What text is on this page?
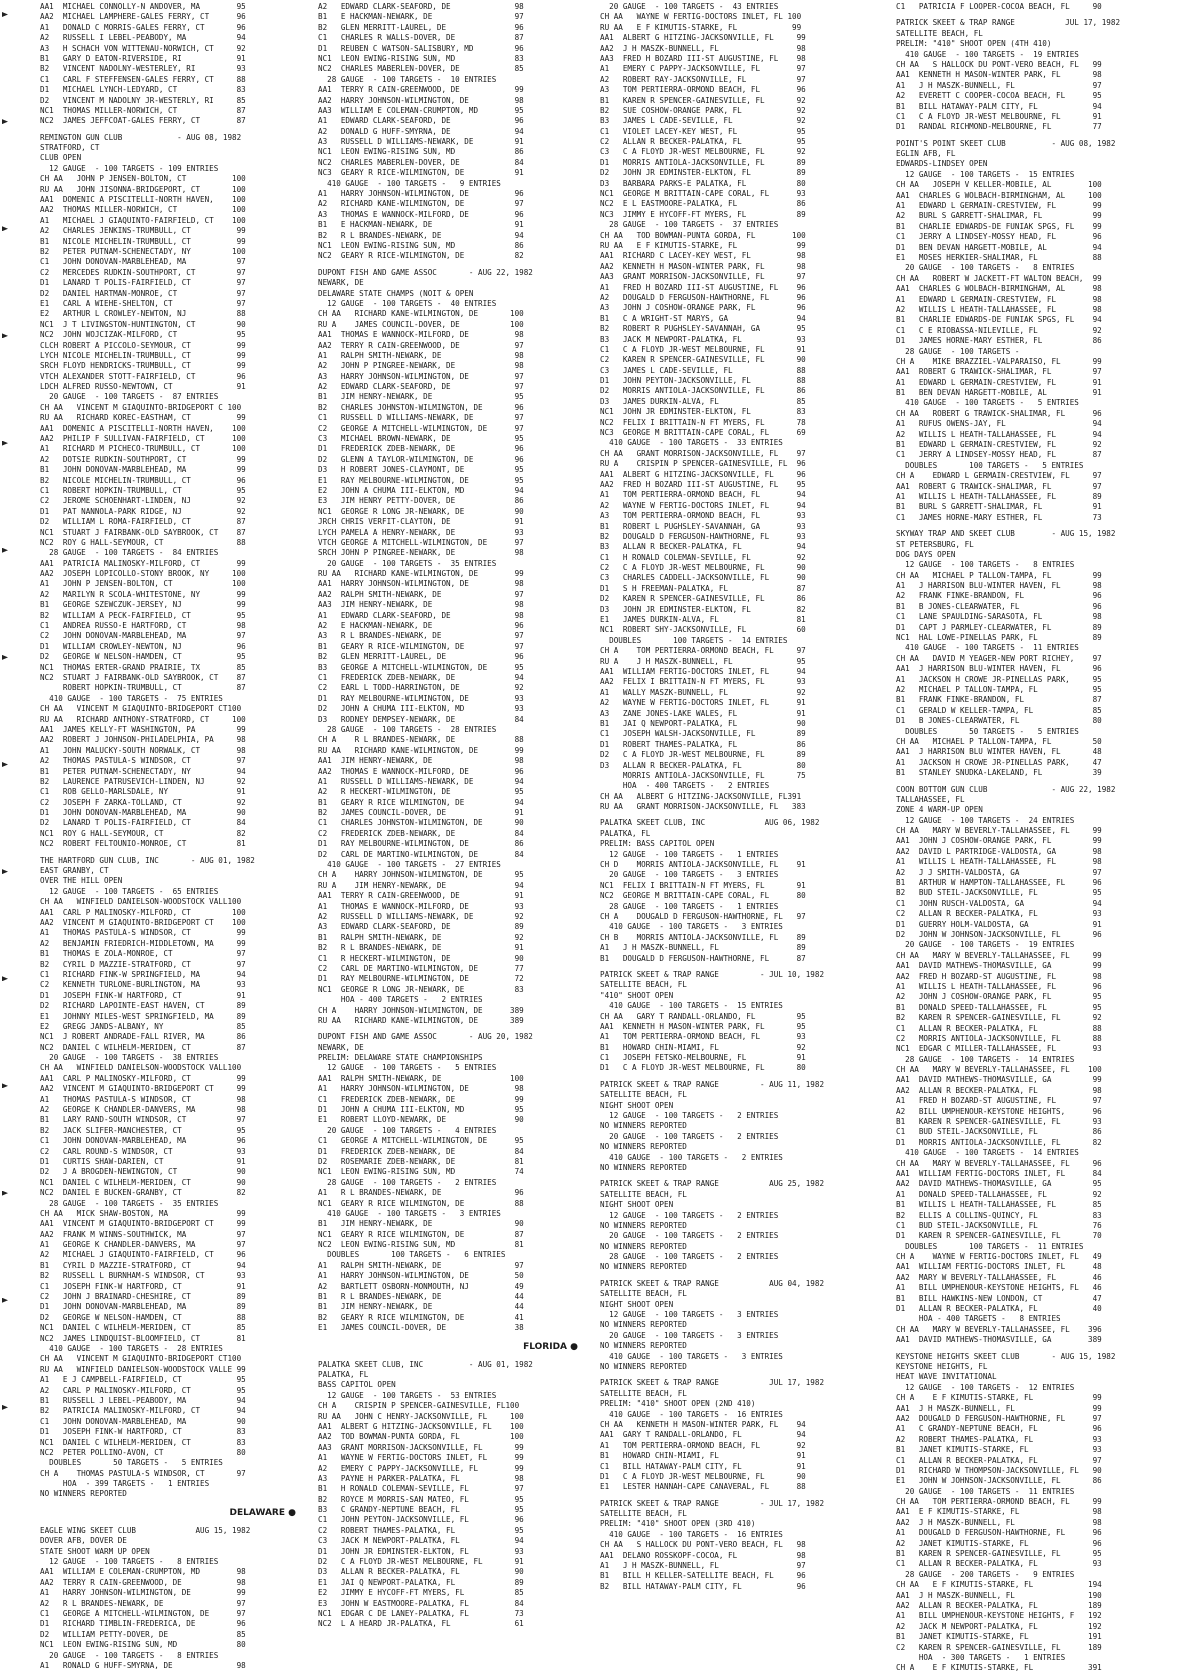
AA1  MICHAEL CONNOLLY-N ANDOVER, MA        95
AA2  MICHAEL LAMPHERE-GALES FERRY, CT      96
A1   DONALD C MORRIS-GALES FERRY, CT       96
A2   RUSSELL I LEBEL-PEABODY, MA           94
A3   H SCHACH VON WITTENAU-NORWICH, CT     92
B1   GARY D EATON-RIVERSIDE, RI            91
B2   VINCENT NADOLNY-WESTERLEY, RI         93
C1   CARL F STEFFENSEN-GALES FERRY, CT     88
D1   MICHAEL LYNCH-LEDYARD, CT             83
D2   VINCENT M NADOLNY JR-WESTERLY, RI     85
NC1  THOMAS MILLER-NORWICH, CT             87
NC2  JAMES JEFFCOAT-GALES FERRY, CT        87
REMINGTON GUN CLUB            - AUG 08, 1982
STRATFORD, CT
CLUB OPEN
12 GAUGE  - 100 TARGETS - 109 ENTRIES
CH AA   JOHN P JENSEN-BOLTON, CT          100
RU AA   JOHN JISONNA-BRIDGEPORT, CT       100
AA1  DOMENIC A PISCITELLI-NORTH HAVEN,    100
AA2  THOMAS MILLER-NORWICH, CT            100
A1   MICHAEL J GIAQUINTO-FAIRFIELD, CT    100
A2   CHARLES JENKINS-TRUMBULL, CT          99
B1   NICOLE MICHELIN-TRUMBULL, CT          99
B2   PETER PUTNAM-SCHENECTADY, NY         100
C1   JOHN DONOVAN-MARBLEHEAD, MA           97
C2   MERCEDES RUDKIN-SOUTHPORT, CT         97
D1   LANARD T POLIS-FAIRFIELD, CT          97
D2   DANIEL HARTMAN-MONROE, CT             97
E1   CARL A WIEHE-SHELTON, CT              97
E2   ARTHUR L CROWLEY-NEWTON, NJ           88
NC1  J T LIVINGSTON-HUNTINGTON, CT         90
NC2  JOHN WOJCIZAK-MILFORD, CT             95
CLCH ROBERT A PICCOLO-SEYMOUR, CT          99
LYCH NICOLE MICHELIN-TRUMBULL, CT          99
SRCH FLOYD HENDRICKS-TRUMBULL, CT          99
VTCH ALEXANDER STOTT-FAIRFIELD, CT         96
LDCH ALFRED RUSSO-NEWTOWN, CT              91
20 GAUGE  - 100 TARGETS -  87 ENTRIES
CH AA   VINCENT M GIAQUINTO-BRIDGEPORT C 100
RU AA   RICHARD KOREC-EASTHAM, CT          99
AA1  DOMENIC A PISCITELLI-NORTH HAVEN,    100
AA2  PHILIP F SULLIVAN-FAIRFIELD, CT      100
A1   RICHARD M PICHECO-TRUMBULL, CT       100
A2   DOTSIE RUDKIN-SOUTHPORT, CT           99
B1   JOHN DONOVAN-MARBLEHEAD, MA           99
B2   NICOLE MICHELIN-TRUMBULL, CT          96
C1   ROBERT HOPKIN-TRUMBULL, CT            95
C2   JEROME SCHOENHART-LINDEN, NJ          92
D1   PAT NANNOLA-PARK RIDGE, NJ            92
D2   WILLIAM L ROMA-FAIRFIELD, CT          87
NC1  STUART J FAIRBANK-OLD SAYBROOK, CT    87
NC2  ROY G HALL-SEYMOUR, CT                88
28 GAUGE  - 100 TARGETS -  84 ENTRIES
AA1  PATRICIA MALINOSKY-MILFORD, CT        99
AA2  JOSEPH LOPICOLLO-STONY BROOK, NY     100
A1   JOHN P JENSEN-BOLTON, CT             100
A2   MARILYN R SCOLA-WHITESTONE, NY        99
B1   GEORGE SZEWCZUK-JERSEY, NJ            99
B2   WILLIAM A PECK-FAIRFIELD, CT          95
C1   ANDREA RUSSO-E HARTFORD, CT           98
C2   JOHN DONOVAN-MARBLEHEAD, MA           97
D1   WILLIAM CROWLEY-NEWTON, NJ            96
D2   GEORGE W NELSON-HAMDEN, CT            95
NC1  THOMAS ERTER-GRAND PRAIRIE, TX        85
NC2  STUART J FAIRBANK-OLD SAYBROOK, CT    87
ROBERT HOPKIN-TRUMBULL, CT            87
410 GAUGE  - 100 TARGETS -  75 ENTRIES
CH AA   VINCENT M GIAQUINTO-BRIDGEPORT CT100
RU AA   RICHARD ANTHONY-STRATFORD, CT     100
AA1  JAMES KELLY-FT WASHINGTON, PA         99
AA2  ROBERT J JOHNSON-PHILADELPHIA, PA     98
A1   JOHN MALUCKY-SOUTH NORWALK, CT        98
A2   THOMAS PASTULA-S WINDSOR, CT          97
B1   PETER PUTNAM-SCHENECTADY, NY          94
B2   LAURENCE PATRUSEVICH-LINDEN, NJ       92
C1   ROB GELLO-MARLSDALE, NY               91
C2   JOSEPH F ZARKA-TOLLAND, CT            92
D1   JOHN DONOVAN-MARBLEHEAD, MA           90
D2   LANARD T POLIS-FAIRFIELD, CT          84
NC1  ROY G HALL-SEYMOUR, CT                82
NC2  ROBERT FELTOUNIO-MONROE, CT           81
THE HARTFORD GUN CLUB, INC       - AUG 01, 1982
EAST GRANBY, CT
OVER THE HILL OPEN
12 GAUGE  - 100 TARGETS -  65 ENTRIES
CH AA   WINFIELD DANIELSON-WOODSTOCK VALL100
AA1  CARL P MALINOSKY-MILFORD, CT         100
AA2  VINCENT M GIAQUINTO-BRIDGEPORT CT    100
A1   THOMAS PASTULA-S WINDSOR, CT          99
A2   BENJAMIN FRIEDRICH-MIDDLETOWN, MA     99
B1   THOMAS E ZOLA-MONROE, CT              97
B2   CYRIL D MAZZIE-STRATFORD, CT          97
C1   RICHARD FINK-W SPRINGFIELD, MA        94
C2   KENNETH TURLONE-BURLINGTON, MA        93
D1   JOSEPH FINK-W HARTFORD, CT            91
D2   RICHARD LAPOINTE-EAST HAVEN, CT       89
E1   JOHNNY MILES-WEST SPRINGFIELD, MA     89
E2   GREGG JANDS-ALBANY, NY                85
NC1  J ROBERT ANDRADE-FALL RIVER, MA       86
NC2  DANIEL C WILHELM-MERIDEN, CT          87
20 GAUGE  - 100 TARGETS -  38 ENTRIES
CH AA   WINFIELD DANIELSON-WOODSTOCK VALL100
AA1  CARL P MALINOSKY-MILFORD, CT          99
AA2  VINCENT M GIAQUINTO-BRIDGEPORT CT     99
A1   THOMAS PASTULA-S WINDSOR, CT          98
A2   GEORGE K CHANDLER-DANVERS, MA         98
B1   LARY RAND-SOUTH WINDSOR, CT           97
B2   JACK SLIFER-MANCHESTER, CT            95
C1   JOHN DONOVAN-MARBLEHEAD, MA           96
C2   CARL ROUND-S WINDSOR, CT              93
D1   CURTIS SHAW-DARIEN, CT                91
D2   J A BROGDEN-NEWINGTON, CT             90
NC1  DANIEL C WILHELM-MERIDEN, CT          90
NC2  DANIEL E BUCKEN-GRANBY, CT            82
28 GAUGE  - 100 TARGETS -  35 ENTRIES
CH AA   MICK SHAW-BOSTON, MA               99
AA1  VINCENT M GIAQUINTO-BRIDGEPORT CT     99
AA2  FRANK M WINNS-SOUTHWICK, MA           97
A1   GEORGE K CHANDLER-DANVERS, MA         97
A2   MICHAEL J GIAQUINTO-FAIRFIELD, CT     96
B1   CYRIL D MAZZIE-STRATFORD, CT          94
B2   RUSSELL L BURNHAM-S WINDSOR, CT       93
C1   JOSEPH FINK-W HARTFORD, CT            91
C2   JOHN J BRAINARD-CHESHIRE, CT          89
D1   JOHN DONOVAN-MARBLEHEAD, MA           89
D2   GEORGE W NELSON-HAMDEN, CT            88
NC1  DANIEL C WILHELM-MERIDEN, CT          85
NC2  JAMES LINDQUIST-BLOOMFIELD, CT        81
410 GAUGE  - 100 TARGETS -  28 ENTRIES
CH AA   VINCENT M GIAQUINTO-BRIDGEPORT CT100
RU AA   WINFIELD DANIELSON-WOODSTOCK VALLE 99
A1   E J CAMPBELL-FAIRFIELD, CT            95
A2   CARL P MALINOSKY-MILFORD, CT          95
B1   RUSSELL J LEBEL-PEABODY, MA           94
B2   PATRICIA MALINOSKY-MILFORD, CT        94
C1   JOHN DONOVAN-MARBLEHEAD, MA           90
D1   JOSEPH FINK-W HARTFORD, CT            83
NC1  DANIEL C WILHELM-MERIDEN, CT          83
NC2  PETER POLLINO-AVON, CT                80
DOUBLES       50 TARGETS -   5 ENTRIES
CH A    THOMAS PASTULA-S WINDSOR, CT       97
HOA  - 399 TARGETS -   1 ENTRIES
NO WINNERS REPORTED
DELAWARE ●
EAGLE WING SKEET CLUB             AUG 15, 1982
DOVER AFB, DOVER DE
STATE SHOOT WARM UP OPEN
12 GAUGE  - 100 TARGETS -   8 ENTRIES
AA1  WILLIAM E COLEMAN-CRUMPTON, MD        98
AA2  TERRY R CAIN-GREENWOOD, DE            98
A1   HARRY JOHNSON-WILMINGTON, DE          99
A2   R L BRANDES-NEWARK, DE                97
C1   GEORGE A MITCHELL-WILMINGTON, DE      97
D1   RICHARD TIMBLIN-FREDERICA, DE         96
D2   WILLIAM PETTY-DOVER, DE               85
NC1  LEON EWING-RISING SUN, MD             80
20 GAUGE  - 100 TARGETS -   8 ENTRIES
A1   RONALD G HUFF-SMYRNA, DE              98
A2   EDWARD CLARK-SEAFORD, DE              98
B1   E HACKMAN-NEWARK, DE                  97
B2   GLEN MERRITT-LAUREL, DE               96
C1   CHARLES R WALLS-DOVER, DE             87
D1   REUBEN C WATSON-SALISBURY, MD         96
NC1  LEON EWING-RISING SUN, MD             83
NC2  CHARLES MABERLEN-DOVER, DE            85
28 GAUGE  - 100 TARGETS -  10 ENTRIES
AA1  TERRY R CAIN-GREENWOOD, DE            99
AA2  HARRY JOHNSON-WILMINGTON, DE          98
AA3  WILLIAM E COLEMAN-CRUMPTON, MD        95
A1   EDWARD CLARK-SEAFORD, DE              96
A2   DONALD G HUFF-SMYRNA, DE              94
A3   RUSSELL D WILLIAMS-NEWARK, DE         91
NC1  LEON EWING-RISING SUN, MD             86
NC2  CHARLES MABERLEN-DOVER, DE            84
NC3  GEARY R RICE-WILMINGTON, DE           91
410 GAUGE  - 100 TARGETS -   9 ENTRIES
A1   HARRY JOHNSON-WILMINGTON, DE          96
A2   RICHARD KANE-WILMINGTON, DE           97
A3   THOMAS E WANNOCK-MILFORD, DE          96
B1   E HACKMAN-NEWARK, DE                  91
B2   R L BRANDES-NEWARK, DE                94
NC1  LEON EWING-RISING SUN, MD             86
NC2  GEARY R RICE-WILMINGTON, DE           82
DUPONT FISH AND GAME ASSOC       - AUG 22, 1982
NEWARK, DE
DELAWARE STATE CHAMPS (NOIT & OPEN
12 GAUGE  - 100 TARGETS -  40 ENTRIES
CH AA   RICHARD KANE-WILMINGTON, DE       100
RU A    JAMES COUNCIL-DOVER, DE           100
AA1  THOMAS E WANNOCK-MILFORD, DE          98
AA2  TERRY R CAIN-GREENWOOD, DE            97
A1   RALPH SMITH-NEWARK, DE                98
A2   JOHN P PINGREE-NEWARK, DE             98
A3   HARRY JOHNSON-WILMINGTON, DE          97
A2   EDWARD CLARK-SEAFORD, DE              97
B1   JIM HENRY-NEWARK, DE                  95
B2   CHARLES JOHNSTON-WILMINGTON, DE       96
C1   RUSSELL D WILLIAMS-NEWARK, DE         97
C2   GEORGE A MITCHELL-WILMINGTON, DE      97
C3   MICHAEL BROWN-NEWARK, DE              95
D1   FREDERICK ZDEB-NEWARK, DE             96
D2   GLENN A TAYLOR-WILMINGTON, DE         96
D3   H ROBERT JONES-CLAYMONT, DE           95
E1   RAY MELBOURNE-WILMINGTON, DE          95
E2   JOHN A CHUMA III-ELKTON, MD           94
E3   JIM HENRY PETTY-DOVER, DE             86
NC1  GEORGE R LONG JR-NEWARK, DE           90
JRCH CHRIS VERFIT-CLAYTON, DE              91
LYCH PAMELA A HENRY-NEWARK, DE             93
VTCH GEORGE A MITCHELL-WILMINGTON, DE      97
SRCH JOHN P PINGREE-NEWARK, DE             98
20 GAUGE  - 100 TARGETS -  35 ENTRIES
RU AA   RICHARD KANE-WILMINGTON, DE        99
AA1  HARRY JOHNSON-WILMINGTON, DE          98
AA2  RALPH SMITH-NEWARK, DE                97
AA3  JIM HENRY-NEWARK, DE                  98
A1   EDWARD CLARK-SEAFORD, DE              98
A2   E HACKMAN-NEWARK, DE                  96
A3   R L BRANDES-NEWARK, DE                97
B1   GEARY R RICE-WILMINGTON, DE           97
B2   GLEN MERRITT-LAUREL, DE               96
B3   GEORGE A MITCHELL-WILMINGTON, DE      95
C1   FREDERICK ZDEB-NEWARK, DE             94
C2   EARL L TODD-HARRINGTON, DE            92
D1   RAY MELBOURNE-WILMINGTON, DE          93
D2   JOHN A CHUMA III-ELKTON, MD           93
D3   RODNEY DEMPSEY-NEWARK, DE             84
28 GAUGE  - 100 TARGETS -  28 ENTRIES
CH A    R L BRANDES-NEWARK, DE             88
RU AA   RICHARD KANE-WILMINGTON, DE        99
AA1  JIM HENRY-NEWARK, DE                  98
AA2  THOMAS E WANNOCK-MILFORD, DE          96
A1   RUSSELL D WILLIAMS-NEWARK, DE         94
A2   R HECKERT-WILMINGTON, DE              95
B1   GEARY R RICE WILMINGTON, DE           94
B2   JAMES COUNCIL-DOVER, DE               91
C1   CHARLES JOHNSTON-WILMINGTON, DE       90
C2   FREDERICK ZDEB-NEWARK, DE             84
D1   RAY MELBOURNE-WILMINGTON, DE          86
D2   CARL DE MARTINO-WILMINGTON, DE        84
410 GAUGE  - 100 TARGETS -  27 ENTRIES
CH A    HARRY JOHNSON-WILMINGTON, DE       95
RU A    JIM HENRY-NEWARK, DE               94
AA1  TERRY R CAIN-GREENWOOD, DE            91
A1   THOMAS E WANNOCK-MILFORD, DE          93
A2   RUSSELL D WILLIAMS-NEWARK, DE         92
A3   EDWARD CLARK-SEAFORD, DE              89
B1   RALPH SMITH-NEWARK, DE                92
B2   R L BRANDES-NEWARK, DE                91
C1   R HECKERT-WILMINGTON, DE              90
C2   CARL DE MARTINO-WILMINGTON, DE        77
D1   RAY MELBOURNE-WILMINGTON, DE          72
NC1  GEORGE R LONG JR-NEWARK, DE           83
HOA - 400 TARGETS -   2 ENTRIES
CH A    HARRY JOHNSON-WILMINGTON, DE      389
RU AA   RICHARD KANE-WILMINGTON, DE       389
DUPONT FISH AND GAME ASSOC       - AUG 20, 1982
NEWARK, DE
PRELIM: DELAWARE STATE CHAMPIONSHIPS
12 GAUGE  - 100 TARGETS -   5 ENTRIES
AA1  RALPH SMITH-NEWARK, DE               100
A1   HARRY JOHNSON-WILMINGTON, DE          98
C1   FREDERICK ZDEB-NEWARK, DE             99
D1   JOHN A CHUMA III-ELKTON, MD           95
E1   ROBERT LLOYD-NEWARK, DE               90
20 GAUGE  - 100 TARGETS -   4 ENTRIES
C1   GEORGE A MITCHELL-WILMINGTON, DE      95
D1   FREDERICK ZDEB-NEWARK, DE             84
D2   ROSEMARIE ZDEB-NEWARK, DE             81
NC1  LEON EWING-RISING SUN, MD             74
28 GAUGE  - 100 TARGETS -   2 ENTRIES
A1   R L BRANDES-NEWARK, DE                96
NC1  GEARY R RICE WILMINGTON, DE           88
410 GAUGE  - 100 TARGETS -   3 ENTRIES
B1   JIM HENRY-NEWARK, DE                  90
NC1  GEARY R RICE WILMINGTON, DE           87
NC2  LEON EWING-RISING SUN, MD             81
DOUBLES       100 TARGETS -   6 ENTRIES
A1   RALPH SMITH-NEWARK, DE                97
A1   HARRY JOHNSON-WILMINGTON, DE          50
A2   BARTLETT OSBORN-MONMOUTH, NJ          49
B1   R L BRANDES-NEWARK, DE                44
B1   JIM HENRY-NEWARK, DE                  44
B2   GEARY R RICE WILMINGTON, DE           41
E1   JAMES COUNCIL-DOVER, DE               38
FLORIDA ●
PALATKA SKEET CLUB, INC          - AUG 01, 1982
PALATKA, FL
BASS CAPITOL OPEN
12 GAUGE  - 100 TARGETS -  53 ENTRIES
CH A    CRISPIN P SPENCER-GAINESVILLE, FL100
RU AA   JOHN C HENRY-JACKSONVILLE, FL     100
AA1  ALBERT G HITZING-JACKSONVILLE, FL    100
AA2  TOD BOWMAN-PUNTA GORDA, FL           100
AA3  GRANT MORRISON-JACKSONVILLE, FL       99
A1   WAYNE W FERTIG-DOCTORS INLET, FL      99
A2   EMERY C PAPPY-JACKSONVILLE, FL        99
A3   PAYNE H PARKER-PALATKA, FL            98
B1   H RONALD COLEMAN-SEVILLE, FL          97
B2   ROYCE M MORRIS-SAN MATEO, FL          95
B3   C GRANDY-NEPTUNE BEACH, FL            95
C1   JOHN PEYTON-JACKSONVILLE, FL          96
C2   ROBERT THAMES-PALATKA, FL             95
C3   JACK M NEWPORT-PALATKA, FL            94
D1   JOHN JR EDMINSTER-ELKTON, FL          93
D2   C A FLOYD JR-WEST MELBOURNE, FL       91
D3   ALLAN R BECKER-PALATKA, FL            90
E1   JAI Q NEWPORT-PALATKA, FL             89
E2   JIMMY E HYCOFF-FT MYERS, FL           85
E3   JOHN W EASTMOORE-PALATKA, FL          84
NC1  EDGAR C DE LANEY-PALATKA, FL          73
NC2  L A HEARD JR-PALATKA, FL              61
20 GAUGE  - 100 TARGETS -  43 ENTRIES
CH AA   WAYNE W FERTIG-DOCTORS INLET, FL 100
RU AA   E F KIMUTIS-STARKE, FL            99
AA1  ALBERT G HITZING-JACKSONVILLE, FL     99
AA2  J H MASZK-BUNNELL, FL                 98
AA3  FRED H BOZARD III-ST AUGUSTINE, FL    98
A1   EMERY C PAPPY-JACKSONVILLE, FL        97
A2   ROBERT RAY-JACKSONVILLE, FL           97
A3   TOM PERTIERRA-ORMOND BEACH, FL        96
B1   KAREN R SPENCER-GAINESVILLE, FL       92
B2   SUE COSHOW-ORANGE PARK, FL            92
B3   JAMES L CADE-SEVILLE, FL              92
C1   VIOLET LACEY-KEY WEST, FL             95
C2   ALLAN R BECKER-PALATKA, FL            95
C3   C A FLOYD JR-WEST MELBOURNE, FL       92
D1   MORRIS ANTIOLA-JACKSONVILLE, FL       89
D2   JOHN JR EDMINSTER-ELKTON, FL          89
D3   BARBARA PARKS-E PALATKA, FL           80
NC1  GEORGE M BRITTAIN-CAPE CORAL, FL      93
NC2  E L EASTMOORE-PALATKA, FL             86
NC3  JIMMY E HYCOFF-FT MYERS, FL           89
28 GAUGE  - 100 TARGETS -  37 ENTRIES
CH AA   TOD BOWMAN-PUNTA GORDA, FL        100
RU AA   E F KIMUTIS-STARKE, FL             99
AA1  RICHARD C LACEY-KEY WEST, FL          98
AA2  KENNETH H MASON-WINTER PARK, FL       98
AA3  GRANT MORRISON-JACKSONVILLE, FL       97
A1   FRED H BOZARD III-ST AUGUSTINE, FL    96
A2   DOUGALD D FERGUSON-HAWTHORNE, FL      96
A3   JOHN J COSHOW-ORANGE PARK, FL         96
B1   C A WRIGHT-ST MARYS, GA               94
B2   ROBERT R PUGHSLEY-SAVANNAH, GA        95
B3   JACK M NEWPORT-PALATKA, FL            93
C1   C A FLOYD JR-WEST MELBOURNE, FL       91
C2   KAREN R SPENCER-GAINESVILLE, FL       90
C3   JAMES L CADE-SEVILLE, FL              88
D1   JOHN PEYTON-JACKSONVILLE, FL          88
D2   MORRIS ANTIOLA-JACKSONVILLE, FL       86
D3   JAMES DURKIN-ALVA, FL                 85
NC1  JOHN JR EDMINSTER-ELKTON, FL          83
NC2  FELIX I BRITTAIN-N FT MYERS, FL       78
NC3  GEORGE M BRITTAIN-CAPE CORAL, FL      69
410 GAUGE  - 100 TARGETS -  33 ENTRIES
CH AA   GRANT MORRISON-JACKSONVILLE, FL    97
RU A    CRISPIN P SPENCER-GAINESVILLE, FL  96
AA1  ALBERT G HITZING-JACKSONVILLE, FL     96
AA2  FRED H BOZARD III-ST AUGUSTINE, FL    95
A1   TOM PERTIERRA-ORMOND BEACH, FL        94
A2   WAYNE W FERTIG-DOCTORS INLET, FL      94
A3   TOM PERTIERRA-ORMOND BEACH, FL        93
B1   ROBERT L PUGHSLEY-SAVANNAH, GA        93
B2   DOUGALD D FERGUSON-HAWTHORNE, FL      93
B3   ALLAN R BECKER-PALATKA, FL            94
C1   H RONALD COLEMAN-SEVILLE, FL          92
C2   C A FLOYD JR-WEST MELBOURNE, FL       90
C3   CHARLES CADDELL-JACKSONVILLE, FL      90
D1   S H FREEMAN-PALATKA, FL               87
D2   KAREN R SPENCER-GAINESVILLE, FL       86
D3   JOHN JR EDMINSTER-ELKTON, FL          82
E1   JAMES DURKIN-ALVA, FL                 81
NC1  ROBERT SHY-JACKSONVILLE, FL           60
DOUBLES       100 TARGETS -  14 ENTRIES
CH A    TOM PERTIERRA-ORMOND BEACH, FL     97
RU A    J H MASZK-BUNNELL, FL              95
AA1  WILLIAM FERTIG-DOCTORS INLET, FL      94
AA2  FELIX I BRITTAIN-N FT MYERS, FL       93
A1   WALLY MASZK-BUNNELL, FL               92
A2   WAYNE W FERTIG-DOCTORS INLET, FL      91
A3   ZANE JONES-LAKE WALES, FL             91
B1   JAI Q NEWPORT-PALATKA, FL             90
C1   JOSEPH WALSH-JACKSONVILLE, FL         89
D1   ROBERT THAMES-PALATKA, FL             86
D2   C A FLOYD JR-WEST MELBOURNE, FL       89
D3   ALLAN R BECKER-PALATKA, FL            80
MORRIS ANTIOLA-JACKSONVILLE, FL       75
HOA  - 400 TARGETS -   2 ENTRIES
CH AA   ALBERT G HITZING-JACKSONVILLE, FL391
RU AA   GRANT MORRISON-JACKSONVILLE, FL   383
PALATKA SKEET CLUB, INC             AUG 06, 1982
PALATKA, FL
PRELIM: BASS CAPITOL OPEN
12 GAUGE  - 100 TARGETS -   1 ENTRIES
CH D    MORRIS ANTIOLA-JACKSONVILLE, FL    91
20 GAUGE  - 100 TARGETS -   3 ENTRIES
NC1  FELIX I BRITTAIN-N FT MYERS, FL       91
NC2  GEORGE M BRITTAIN-CAPE CORAL, FL      80
28 GAUGE  - 100 TARGETS -   1 ENTRIES
CH A    DOUGALD D FERGUSON-HAWTHORNE, FL   97
410 GAUGE  - 100 TARGETS -   3 ENTRIES
CH B    MORRIS ANTIOLA-JACKSONVILLE, FL    89
A1   J H MASZK-BUNNELL, FL                 89
B1   DOUGALD D FERGUSON-HAWTHORNE, FL      87
PATRICK SKEET & TRAP RANGE         - JUL 10, 1982
SATELLITE BEACH, FL
"410" SHOOT OPEN
410 GAUGE  - 100 TARGETS -  15 ENTRIES
CH AA   GARY T RANDALL-ORLANDO, FL         95
AA1  KENNETH H MASON-WINTER PARK, FL       95
A1   TOM PERTIERRA-ORMOND BEACH, FL        93
B1   HOWARD CHIN-MIAMI, FL                 92
C1   JOSEPH FETSKO-MELBOURNE, FL           91
D1   C A FLOYD JR-WEST MELBOURNE, FL       80
PATRICK SKEET & TRAP RANGE         - AUG 11, 1982
SATELLITE BEACH, FL
NIGHT SHOOT OPEN
12 GAUGE  - 100 TARGETS -   2 ENTRIES
NO WINNERS REPORTED
20 GAUGE  - 100 TARGETS -   2 ENTRIES
NO WINNERS REPORTED
410 GAUGE  - 100 TARGETS -   2 ENTRIES
NO WINNERS REPORTED
PATRICK SKEET & TRAP RANGE           AUG 25, 1982
SATELLITE BEACH, FL
NIGHT SHOOT OPEN
12 GAUGE  - 100 TARGETS -   2 ENTRIES
NO WINNERS REPORTED
20 GAUGE  - 100 TARGETS -   2 ENTRIES
NO WINNERS REPORTED
28 GAUGE  - 100 TARGETS -   2 ENTRIES
NO WINNERS REPORTED
PATRICK SKEET & TRAP RANGE           AUG 04, 1982
SATELLITE BEACH, FL
NIGHT SHOOT OPEN
12 GAUGE  - 100 TARGETS -   3 ENTRIES
NO WINNERS REPORTED
20 GAUGE  - 100 TARGETS -   3 ENTRIES
NO WINNERS REPORTED
410 GAUGE  - 100 TARGETS -   3 ENTRIES
NO WINNERS REPORTED
PATRICK SKEET & TRAP RANGE           JUL 17, 1982
SATELLITE BEACH, FL
PRELIM: "410" SHOOT OPEN (2ND 410)
410 GAUGE  - 100 TARGETS -  16 ENTRIES
CH AA   KENNETH H MASON-WINTER PARK, FL    94
AA1  GARY T RANDALL-ORLANDO, FL            94
A1   TOM PERTIERRA-ORMOND BEACH, FL        92
B1   HOWARD CHIN-MIAMI, FL                 91
C1   BILL HATAWAY-PALM CITY, FL            91
D1   C A FLOYD JR-WEST MELBOURNE, FL       90
E1   LESTER HANNAH-CAPE CANAVERAL, FL      88
PATRICK SKEET & TRAP RANGE         - JUL 17, 1982
SATELLITE BEACH, FL
PRELIM: "410" SHOOT OPEN (3RD 410)
410 GAUGE  - 100 TARGETS -  16 ENTRIES
CH AA   S HALLOCK DU PONT-VERO BEACH, FL   98
AA1  DELANO ROSSKOPF-COCOA, FL             98
A1   J H MASZK-BUNNELL, FL                 97
B1   BILL H KELLER-SATELLITE BEACH, FL     96
B2   BILL HATAWAY-PALM CITY, FL            96
C1   PATRICIA F LOOPER-COCOA BEACH, FL     90
PATRICK SKEET & TRAP RANGE           JUL 17, 1982
SATELLITE BEACH, FL
PRELIM: "410" SHOOT OPEN (4TH 410)
410 GAUGE  - 100 TARGETS -  19 ENTRIES
CH AA   S HALLOCK DU PONT-VERO BEACH, FL   99
AA1  KENNETH H MASON-WINTER PARK, FL       98
A1   J H MASZK-BUNNELL, FL                 97
A2   EVERETT C COOPER-COCOA BEACH, FL      95
B1   BILL HATAWAY-PALM CITY, FL            94
C1   C A FLOYD JR-WEST MELBOURNE, FL       91
D1   RANDAL RICHMOND-MELBOURNE, FL         77
POINT'S POINT SKEET CLUB          - AUG 08, 1982
EGLIN AFB, FL
EDWARDS-LINDSEY OPEN
12 GAUGE  - 100 TARGETS -  15 ENTRIES
CH AA   JOSEPH V KELLER-MOBILE, AL        100
AA1  CHARLES G WOLBACH-BIRMINGHAM, AL     100
A1   EDWARD L GERMAIN-CRESTVIEW, FL        99
A2   BURL S GARRETT-SHALIMAR, FL           99
B1   CHARLIE EDWARDS-DE FUNIAK SPGS, FL    99
C1   JERRY A LINDSEY-MOSSY HEAD, FL        96
D1   BEN DEVAN HARGETT-MOBILE, AL          94
E1   MOSES HERKIER-SHALIMAR, FL            88
20 GAUGE  - 100 TARGETS -   8 ENTRIES
CH AA   ROBERT W JACKETT-FT WALTON BEACH,  99
AA1  CHARLES G WOLBACH-BIRMINGHAM, AL      98
A1   EDWARD L GERMAIN-CRESTVIEW, FL        98
A2   WILLIS L HEATH-TALLAHASSEE, FL        98
B1   CHARLIE EDWARDS-DE FUNIAK SPGS, FL    94
C1   C E RIOBASSA-NILEVILLE, FL            92
D1   JAMES HORNE-MARY ESTHER, FL           86
28 GAUGE  - 100 TARGETS -
CH A    MIKE BRAZZIEL-VALPARAISO, FL       99
AA1  ROBERT G TRAWICK-SHALIMAR, FL         97
A1   EDWARD L GERMAIN-CRESTVIEW, FL        91
B1   BEN DEVAN HARGETT-MOBILE, AL          91
410 GAUGE  - 100 TARGETS -   5 ENTRIES
CH AA   ROBERT G TRAWICK-SHALIMAR, FL      96
A1   RUFUS OWENS-JAY, FL                   94
A2   WILLIS L HEATH-TALLAHASSEE, FL        94
B1   EDWARD L GERMAIN-CRESTVIEW, FL        92
C1   JERRY A LINDSEY-MOSSY HEAD, FL        87
DOUBLES       100 TARGETS -   5 ENTRIES
CH A    EDWARD L GERMAIN-CRESTVIEW, FL     97
AA1  ROBERT G TRAWICK-SHALIMAR, FL         97
A1   WILLIS L HEATH-TALLAHASSEE, FL        89
B1   BURL S GARRETT-SHALIMAR, FL           91
C1   JAMES HORNE-MARY ESTHER, FL           73
SKYWAY TRAP AND SKEET CLUB        - AUG 15, 1982
ST PETERSBURG, FL
DOG DAYS OPEN
12 GAUGE  - 100 TARGETS -   8 ENTRIES
CH AA   MICHAEL P TALLON-TAMPA, FL         99
A1   J HARRISON BLU-WINTER HAVEN, FL       98
A2   FRANK FINKE-BRANDON, FL               96
B1   B JONES-CLEARWATER, FL                96
C1   LANE SPAULDING-SARASOTA, FL           98
D1   CAPT J PARMLEY-CLEARWATER, FL         89
NC1  HAL LOWE-PINELLAS PARK, FL            89
410 GAUGE  - 100 TARGETS -  11 ENTRIES
CH AA   DAVID M YEAGER-NEW PORT RICHEY,    97
AA1  J HARRISON BLU-WINTER HAVEN, FL       96
A1   JACKSON H CROWE JR-PINELLAS PARK,     95
A2   MICHAEL P TALLON-TAMPA, FL            95
B1   FRANK FINKE-BRANDON, FL               87
C1   GERALD W KELLER-TAMPA, FL             85
D1   B JONES-CLEARWATER, FL                80
DOUBLES       50 TARGETS -   5 ENTRIES
CH AA   MICHAEL P TALLON-TAMPA, FL         50
AA1  J HARRISON BLU WINTER HAVEN, FL       48
A1   JACKSON H CROWE JR-PINELLAS PARK,     47
B1   STANLEY SNUDKA-LAKELAND, FL           39
COON BOTTOM GUN CLUB              - AUG 22, 1982
TALLAHASSEE, FL
ZONE 4 WARM-UP OPEN
12 GAUGE  - 100 TARGETS -  24 ENTRIES
CH AA   MARY W BEVERLY-TALLAHASSEE, FL     99
AA1  JOHN J COSHOW-ORANGE PARK, FL         99
AA2  DAVID L PARTRIDGE-VALDOSTA, GA        98
A1   WILLIS L HEATH-TALLAHASSEE, FL        98
A2   J J SMITH-VALDOSTA, GA                97
B1   ARTHUR W HAMPTON-TALLAHASSEE, FL      96
B2   BUD STEIL-JACKSONVILLE, FL            95
C1   JOHN RUSCH-VALDOSTA, GA               94
C2   ALLAN R BECKER-PALATKA, FL            93
D1   GUERRY HOLM-VALDOSTA, GA              91
D2   JOHN W JOHNSON-JACKSONVILLE, FL       96
20 GAUGE  - 100 TARGETS -  19 ENTRIES
CH AA   MARY W BEVERLY-TALLAHASSEE, FL     99
AA1  DAVID MATHEWS-THOMASVILLE, GA         99
AA2  FRED H BOZARD-ST AUGUSTINE, FL        98
A1   WILLIS L HEATH-TALLAHASSEE, FL        96
A2   JOHN J COSHOW-ORANGE PARK, FL         95
B1   DONALD SPEED-TALLAHASSEE, FL          95
B2   KAREN R SPENCER-GAINESVILLE, FL       92
C1   ALLAN R BECKER-PALATKA, FL            88
C2   MORRIS ANTIOLA-JACKSONVILLE, FL       88
NC1  EDGAR C MILLER-TALLAHASSEE, FL        93
28 GAUGE  - 100 TARGETS -  14 ENTRIES
CH AA   MARY W BEVERLY-TALLAHASSEE, FL    100
AA1  DAVID MATHEWS-THOMASVILLE, GA         99
AA2  ALLAN R BECKER-PALATKA, FL            98
A1   FRED H BOZARD-ST AUGUSTINE, FL        97
A2   BILL UMPHENOUR-KEYSTONE HEIGHTS,      96
B1   KAREN R SPENCER-GAINESVILLE, FL       93
C1   BUD STEIL-JACKSONVILLE, FL            86
D1   MORRIS ANTIOLA-JACKSONVILLE, FL       82
410 GAUGE  - 100 TARGETS -  14 ENTRIES
CH AA   MARY W BEVERLY-TALLAHASSEE, FL     96
AA1  WILLIAM FERTIG-DOCTORS INLET, FL      84
AA2  DAVID MATHEWS-THOMASVILLE, GA         95
A1   DONALD SPEED-TALLAHASSEE, FL          92
B1   WILLIS L HEATH-TALLAHASSEE, FL        85
B2   ELLIS A COLLINS-QUINCY, FL            83
C1   BUD STEIL-JACKSONVILLE, FL            76
D1   KAREN R SPENCER-GAINESVILLE, FL       70
DOUBLES       100 TARGETS -  11 ENTRIES
CH A    WAYNE W FERTIG-DOCTORS INLET, FL   49
AA1  WILLIAM FERTIG-DOCTORS INLET, FL      48
AA2  MARY W BEVERLY-TALLAHASSEE, FL        46
A1   BILL UMPHENOUR-KEYSTONE HEIGHTS, FL   46
B1   BILL HAWKINS-NEW LONDON, CT           47
D1   ALLAN R BECKER-PALATKA, FL            40
HOA - 400 TARGETS -   8 ENTRIES
CH AA   MARY W BEVERLY-TALLAHASSEE, FL    396
AA1  DAVID MATHEWS-THOMASVILLE, GA        389
KEYSTONE HEIGHTS SKEET CLUB       - AUG 15, 1982
KEYSTONE HEIGHTS, FL
HEAT WAVE INVITATIONAL
12 GAUGE  - 100 TARGETS -  12 ENTRIES
CH A    E F KIMUTIS-STARKE, FL             99
AA1  J H MASZK-BUNNELL, FL                 99
AA2  DOUGALD D FERGUSON-HAWTHORNE, FL      97
A1   C GRANDY-NEPTUNE BEACH, FL            96
A2   ROBERT THAMES-PALATKA, FL             93
B1   JANET KIMUTIS-STARKE, FL              93
C1   ALLAN R BECKER-PALATKA, FL            97
D1   RICHARD W THOMPSON-JACKSONVILLE, FL   90
E1   JOHN W JOHNSON-JACKSONVILLE, FL       86
20 GAUGE  - 100 TARGETS -  11 ENTRIES
CH AA   TOM PERTIERRA-ORMOND BEACH, FL     99
AA1  E F KIMUTIS-STARKE, FL                98
AA2  J H MASZK-BUNNELL, FL                 98
A1   DOUGALD D FERGUSON-HAWTHORNE, FL      96
A2   JANET KIMUTIS-STARKE, FL              96
B1   KAREN R SPENCER-GAINESVILLE, FL       95
C1   ALLAN R BECKER-PALATKA, FL            93
28 GAUGE  - 200 TARGETS -   9 ENTRIES
CH AA   E F KIMUTIS-STARKE, FL            194
AA1  J H MASZK-BUNNELL, FL                190
AA2  ALLAN R BECKER-PALATKA, FL           189
A1   BILL UMPHENOUR-KEYSTONE HEIGHTS, F   192
A2   JACK M NEWPORT-PALATKA, FL           192
B1   JANET KIMUTIS-STARKE, FL             191
C2   KAREN R SPENCER-GAINESVILLE, FL      189
HOA  - 300 TARGETS -   1 ENTRIES
CH A    E F KIMUTIS-STARKE, FL            391
